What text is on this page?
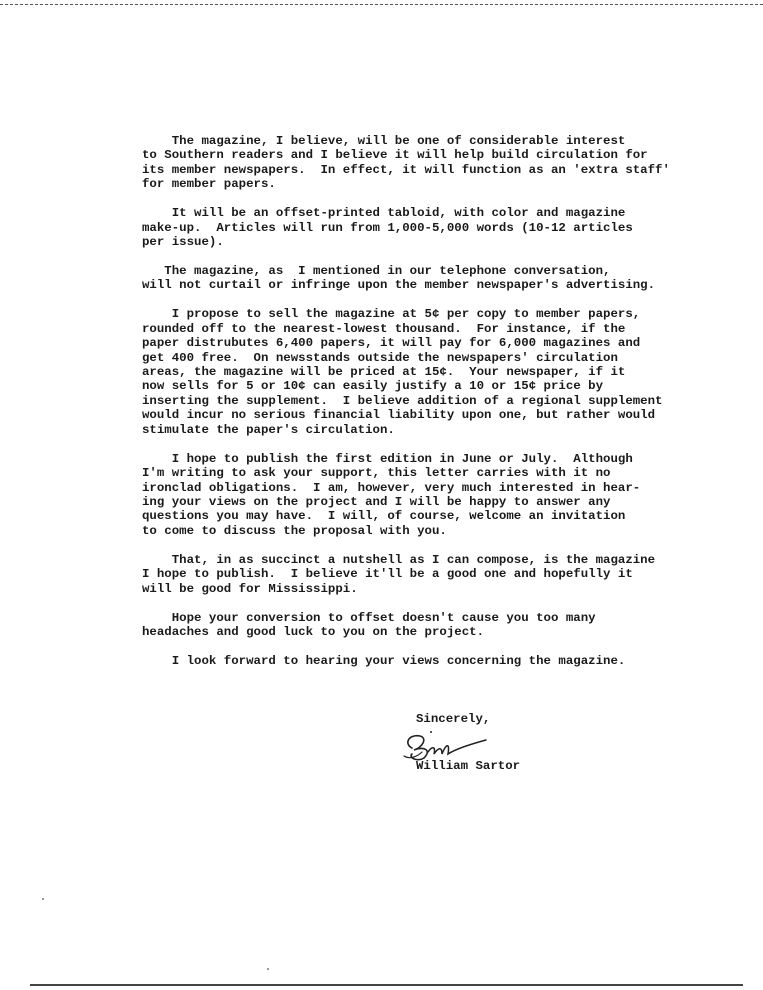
The magazine, I believe, will be one of considerable interest
to Southern readers and I believe it will help build circulation for
its member newspapers.  In effect, it will function as an 'extra staff'
for member papers.
It will be an offset-printed tabloid, with color and magazine
make-up.  Articles will run from 1,000-5,000 words (10-12 articles
per issue).
The magazine, as  I mentioned in our telephone conversation,
will not curtail or infringe upon the member newspaper's advertising.
I propose to sell the magazine at 5¢ per copy to member papers,
rounded off to the nearest-lowest thousand.  For instance, if the
paper distrubutes 6,400 papers, it will pay for 6,000 magazines and
get 400 free.  On newsstands outside the newspapers' circulation
areas, the magazine will be priced at 15¢.  Your newspaper, if it
now sells for 5 or 10¢ can easily justify a 10 or 15¢ price by
inserting the supplement.  I believe addition of a regional supplement
would incur no serious financial liability upon one, but rather would
stimulate the paper's circulation.
I hope to publish the first edition in June or July.  Although
I'm writing to ask your support, this letter carries with it no
ironclad obligations.  I am, however, very much interested in hear-
ing your views on the project and I will be happy to answer any
questions you may have.  I will, of course, welcome an invitation
to come to discuss the proposal with you.
That, in as succinct a nutshell as I can compose, is the magazine
I hope to publish.  I believe it'll be a good one and hopefully it
will be good for Mississippi.
Hope your conversion to offset doesn't cause you too many
headaches and good luck to you on the project.
I look forward to hearing your views concerning the magazine.
Sincerely,
William Sartor
